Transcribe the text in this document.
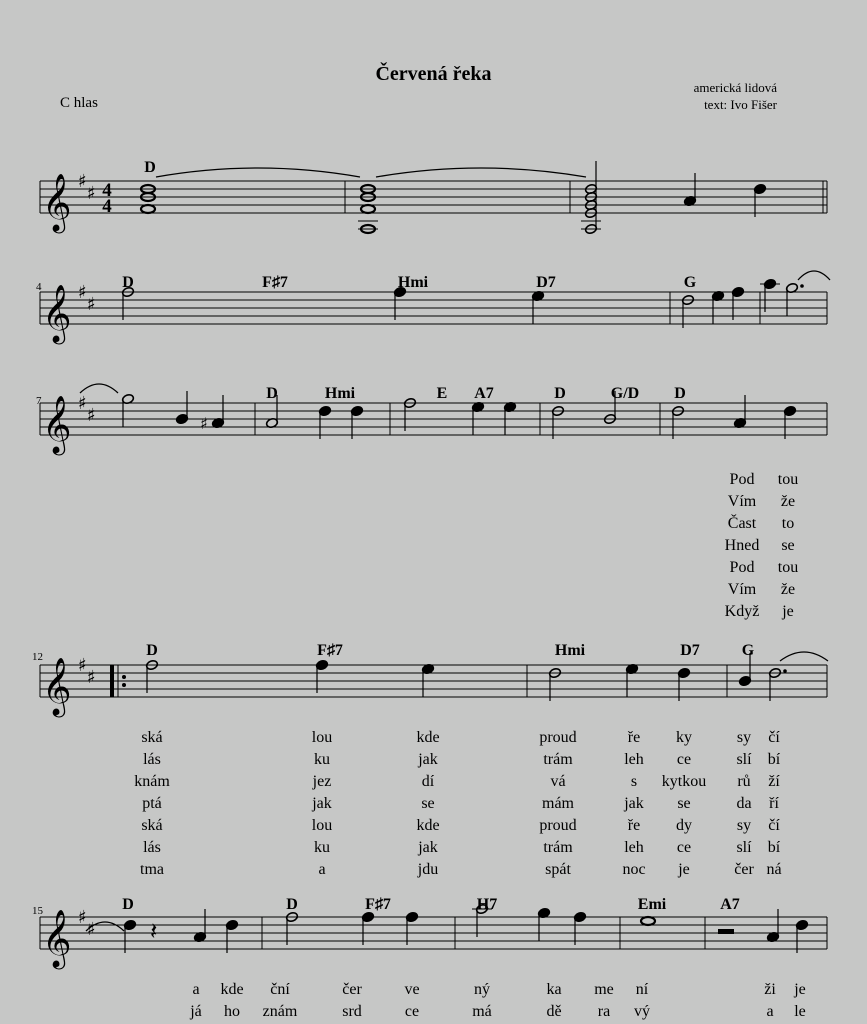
Červená řeka
C hlas
americká lidová
text: Ivo Fišer
𝄞 ♯
♯
𝄞 ♯
♯
𝄞 ♯
♯
𝄞 ♯
♯
𝄞 ♯
♯
4
4
♯
𝄽
D
D	F♯7	Hmi	D7	G
4
D	Hmi	E A7	D	G/D D
7
Pod tou
Vím že
Čast to
Hned se
Pod tou
Vím že
Když je
D	F♯7	Hmi	D7	G
12
ská	lou	kde	proud	ře ky	sy čí
lás	ku	jak	trám	leh ce	slí bí
knám	jez	dí	vá	s kytkou rů ží
ptá	jak	se	mám	jak se	da ří
ská	lou	kde	proud	ře dy	sy čí
lás	ku	jak	trám	leh ce	slí bí
tma	a	jdu	spát	noc je	čer ná
D	D	F♯7	H7	Emi	A7
15
a kde ční	čer	ve	ný	ka me ní	ži je
já ho znám	srd	ce	má	dě ra vý	a le
